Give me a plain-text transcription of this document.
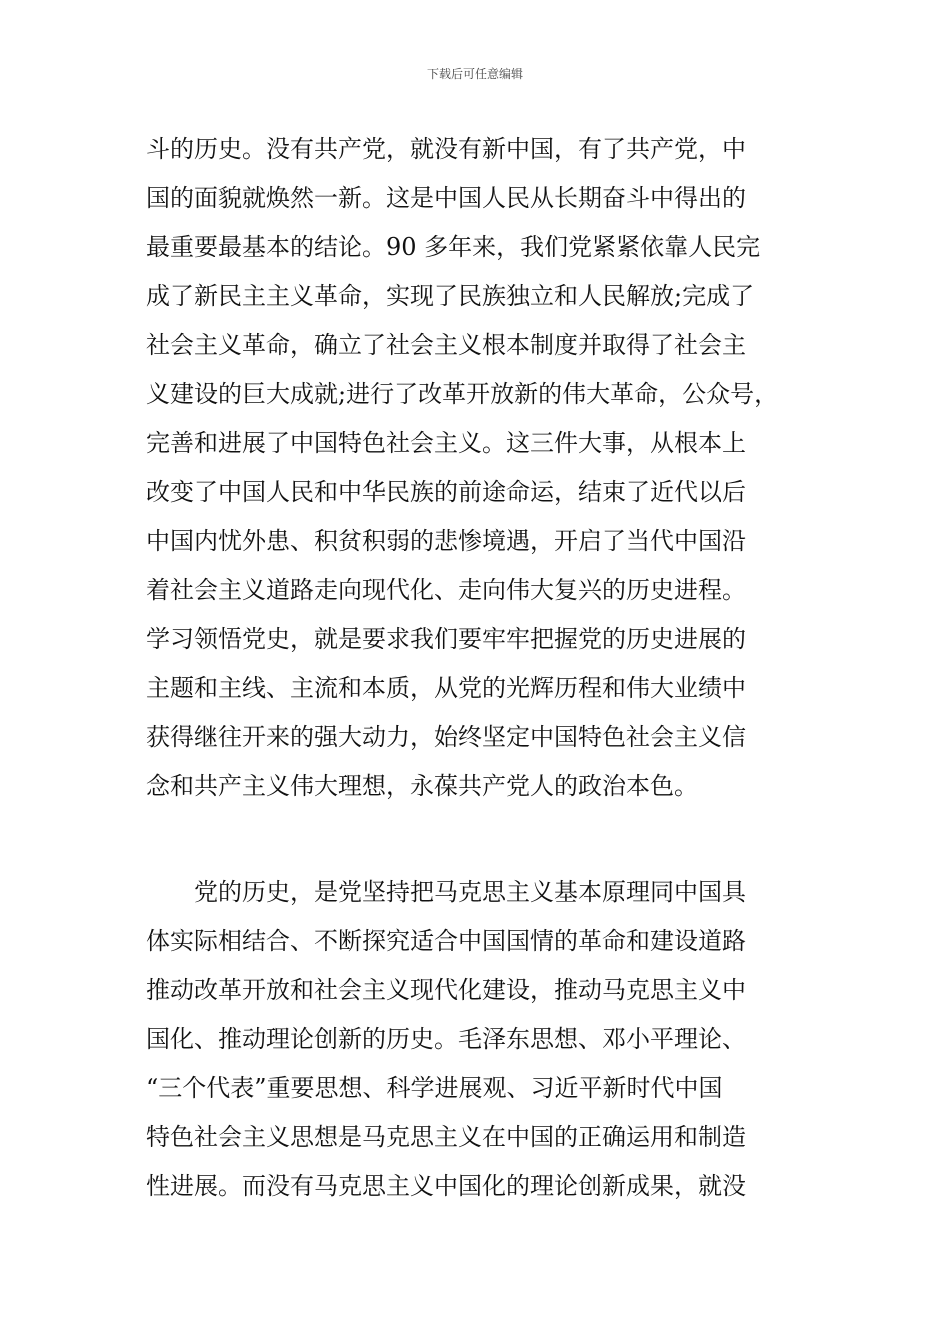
下载后可任意编辑
斗的历史。没有共产党，就没有新中国，有了共产党，中
国的面貌就焕然一新。这是中国人民从长期奋斗中得出的
最重要最基本的结论。90 多年来，我们党紧紧依靠人民完
成了新民主主义革命，实现了民族独立和人民解放;完成了
社会主义革命，确立了社会主义根本制度并取得了社会主
义建设的巨大成就;进行了改革开放新的伟大革命，公众号，
完善和进展了中国特色社会主义。这三件大事，从根本上
改变了中国人民和中华民族的前途命运，结束了近代以后
中国内忧外患、积贫积弱的悲惨境遇，开启了当代中国沿
着社会主义道路走向现代化、走向伟大复兴的历史进程。
学习领悟党史，就是要求我们要牢牢把握党的历史进展的
主题和主线、主流和本质，从党的光辉历程和伟大业绩中
获得继往开来的强大动力，始终坚定中国特色社会主义信
念和共产主义伟大理想，永葆共产党人的政治本色。
　　党的历史，是党坚持把马克思主义基本原理同中国具
体实际相结合、不断探究适合中国国情的革命和建设道路
推动改革开放和社会主义现代化建设，推动马克思主义中
国化、推动理论创新的历史。毛泽东思想、邓小平理论、
“三个代表”重要思想、科学进展观、习近平新时代中国
特色社会主义思想是马克思主义在中国的正确运用和制造
性进展。而没有马克思主义中国化的理论创新成果，就没
